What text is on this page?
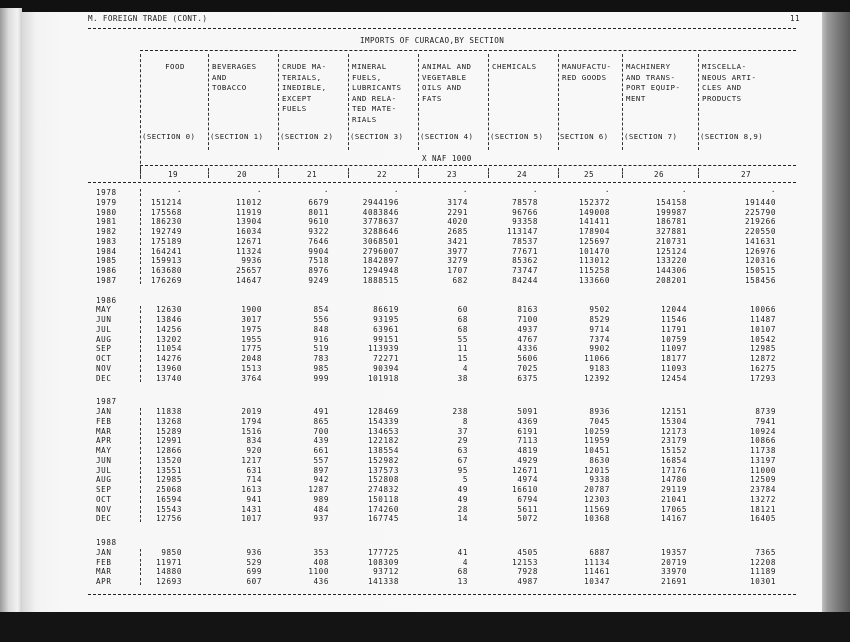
M. FOREIGN TRADE (CONT.)	11
IMPORTS OF CURACAO,BY SECTION
FOOD
(SECTION 0)
BEVERAGES
AND
TOBACCO
(SECTION 1)
CRUDE MA-
TERIALS,
INEDIBLE,
EXCEPT
FUELS
(SECTION 2)
MINERAL
FUELS,
LUBRICANTS
AND RELA-
TED MATE-
RIALS
(SECTION 3)
ANIMAL AND
VEGETABLE
OILS AND
FATS
(SECTION 4)
CHEMICALS
(SECTION 5)
MANUFACTU-
RED GOODS
SECTION 6)
MACHINERY
AND TRANS-
PORT EQUIP-
MENT
(SECTION 7)
MISCELLA-
NEOUS ARTI-
CLES AND
PRODUCTS
(SECTION 8,9)
X NAF 1000
19	20	21	22	23	24	25	26	27
1978	.	.	.	.	.	.	.	.	.
1979	151214	11012	6679	2944196	3174	78578	152372	154158	191440
1980	175568	11919	8011	4083846	2291	96766	149008	199987	225790
1981	186230	13904	9610	3778637	4020	93358	141411	186781	219266
1982	192749	16034	9322	3288646	2685	113147	178904	327881	220550
1983	175189	12671	7646	3068501	3421	78537	125697	210731	141631
1984	164241	11324	9904	2796007	3977	77671	101470	125124	126976
1985	159913	9936	7518	1842897	3279	85362	113012	133220	120316
1986	163680	25657	8976	1294948	1707	73747	115258	144306	150515
1987	176269	14647	9249	1888515	682	84244	133660	208201	158456
1986
MAY	12630	1900	854	86619	60	8163	9502	12044	10066
JUN	13846	3017	556	93195	68	7100	8529	11546	11487
JUL	14256	1975	848	63961	68	4937	9714	11791	10107
AUG	13202	1955	916	99151	55	4767	7374	10759	10542
SEP	11054	1775	519	113939	11	4336	9902	11097	12985
OCT	14276	2048	783	72271	15	5606	11066	18177	12872
NOV	13960	1513	985	90394	4	7025	9183	11093	16275
DEC	13740	3764	999	101918	38	6375	12392	12454	17293
1987
JAN	11838	2019	491	128469	238	5091	8936	12151	8739
FEB	13268	1794	865	154339	8	4369	7045	15304	7941
MAR	15289	1516	700	134653	37	6191	10259	12173	10924
APR	12991	834	439	122182	29	7113	11959	23179	10866
MAY	12866	920	661	138554	63	4819	10451	15152	11738
JUN	13520	1217	557	152982	67	4929	8630	16854	13197
JUL	13551	631	897	137573	95	12671	12015	17176	11000
AUG	12985	714	942	152808	5	4974	9338	14780	12509
SEP	25068	1613	1287	274832	49	16610	20787	29119	23784
OCT	16594	941	989	150118	49	6794	12303	21041	13272
NOV	15543	1431	484	174260	28	5611	11569	17065	18121
DEC	12756	1017	937	167745	14	5072	10368	14167	16405
1988
JAN	9850	936	353	177725	41	4505	6887	19357	7365
FEB	11971	529	408	108309	4	12153	11134	20719	12208
MAR	14880	699	1100	93712	68	7928	11461	33970	11189
APR	12693	607	436	141338	13	4987	10347	21691	10301
